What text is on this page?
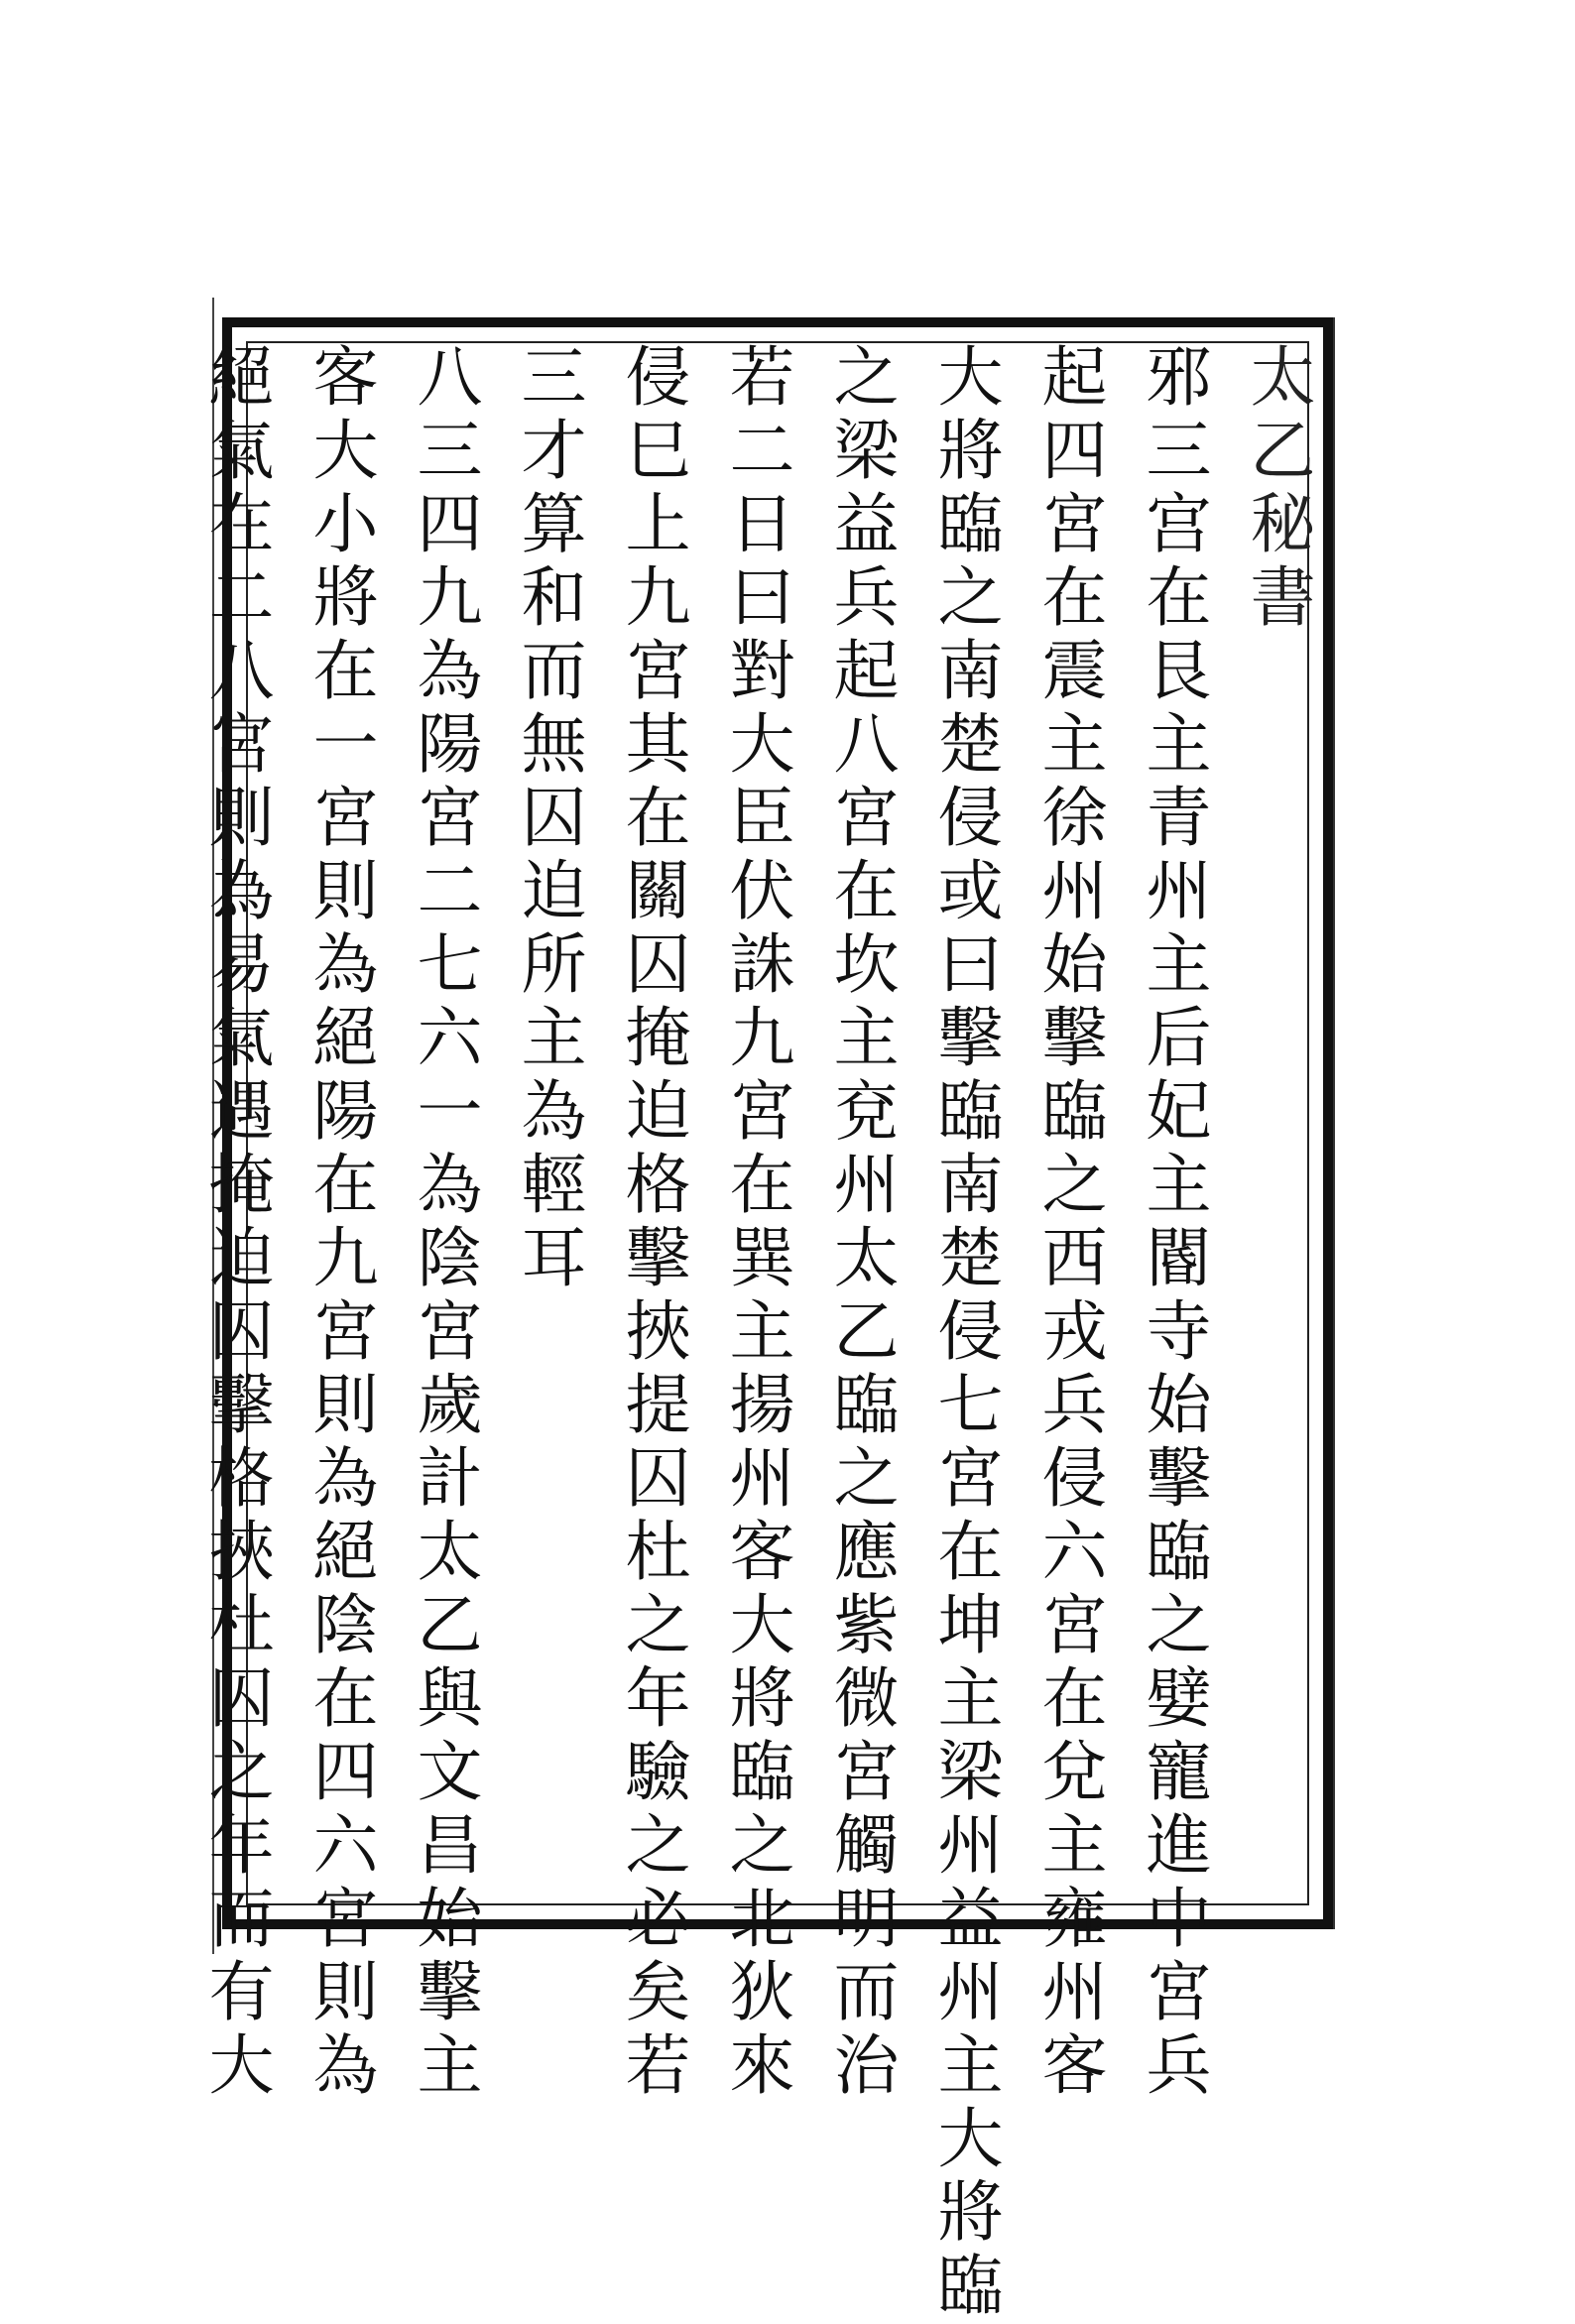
太乙秘書
邪三宫在艮主青州主后妃主閽寺始擊臨之嬖寵進中宮兵
起四宮在震主徐州始擊臨之西戎兵侵六宮在兌主雍州客
大將臨之南楚侵或曰擊臨南楚侵七宮在坤主梁州益州主大將臨
之梁益兵起八宮在坎主兗州太乙臨之應紫微宮觸明而治
若二日曰對大臣伏誅九宮在巽主揚州客大將臨之北狄來
侵巳上九宮其在關囚掩迫格擊挾提囚杜之年驗之必矣若
三才算和而無囚迫所主為輕耳
八三四九為陽宮二七六一為陰宮歲計太乙與文昌始擊主
客大小將在一宮則為絕陽在九宮則為絕陰在四六宮則為
絕氣在二八宮則為易氣遇掩迫囚擊格挾杜囚之年而有大
